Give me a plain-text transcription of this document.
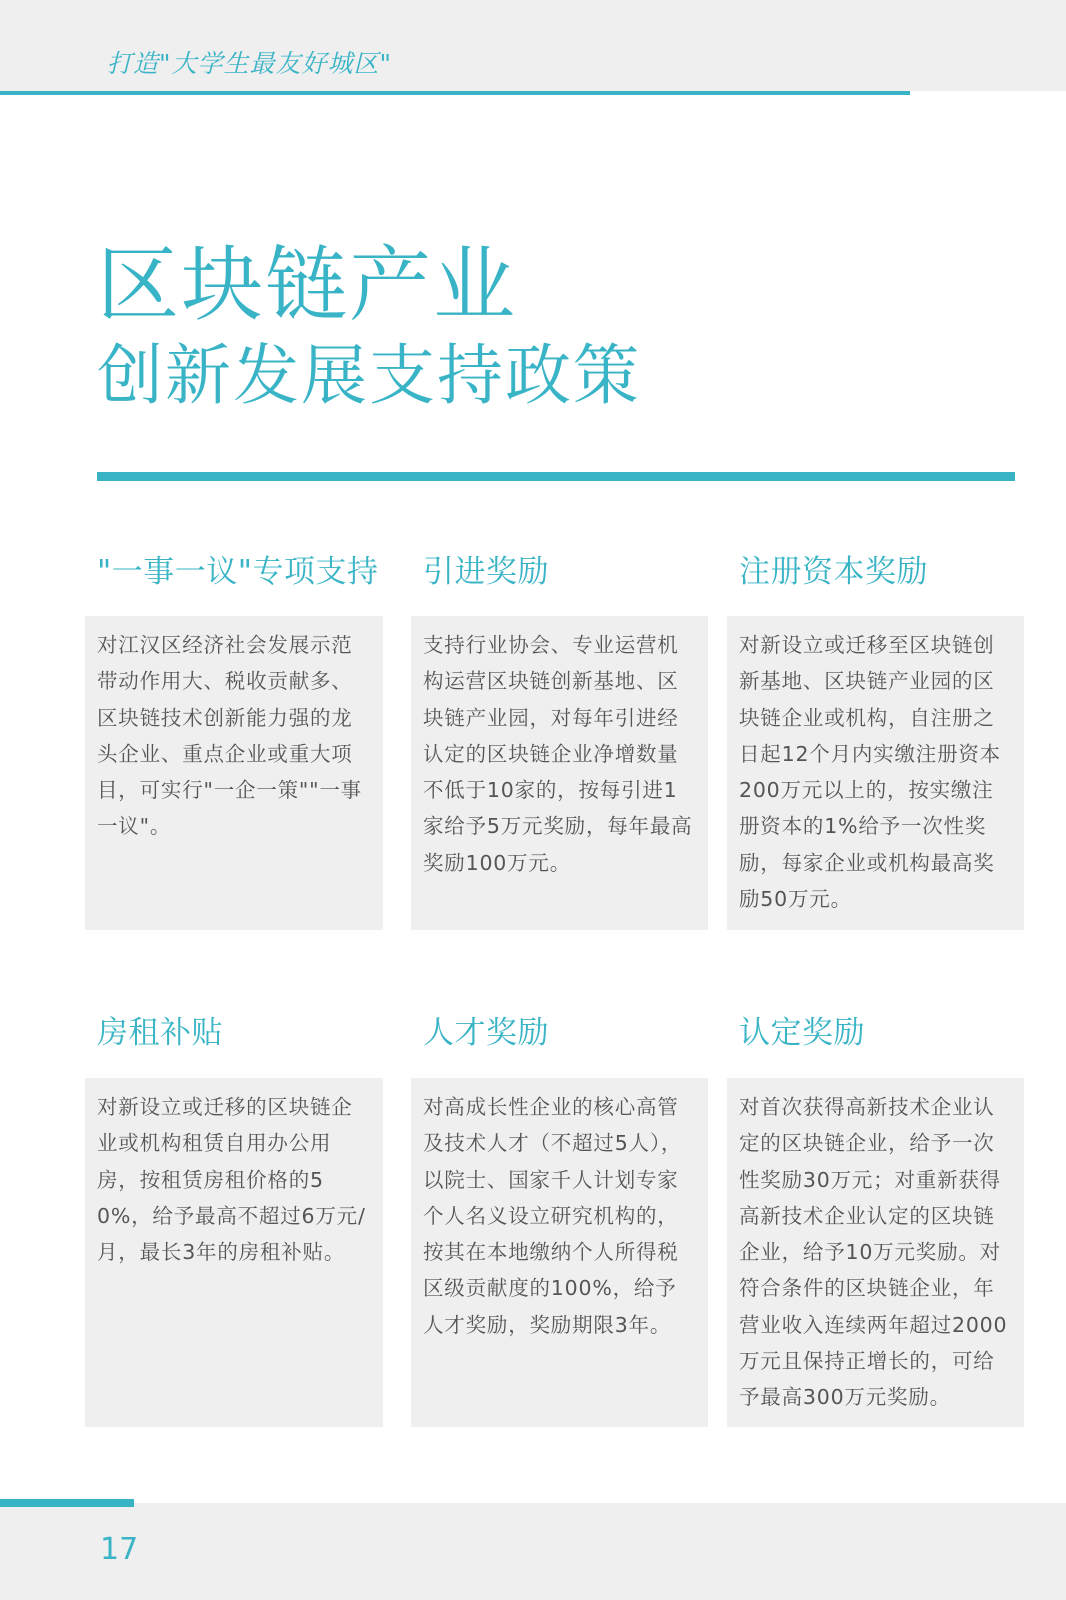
打造"大学生最友好城区"
区块链产业
创新发展支持政策
"一事一议"专项支持

对江汉区经济社会发展示范带动作用大、税收贡献多、区块链技术创新能力强的龙头企业、重点企业或重大项目，可实行"一企一策""一事一议"。

引进奖励

支持行业协会、专业运营机构运营区块链创新基地、区块链产业园，对每年引进经认定的区块链企业净增数量不低于10家的，按每引进1家给予5万元奖励，每年最高奖励100万元。

注册资本奖励

对新设立或迁移至区块链创新基地、区块链产业园的区块链企业或机构，自注册之日起12个月内实缴注册资本200万元以上的，按实缴注册资本的1%给予一次性奖励，每家企业或机构最高奖励50万元。

房租补贴

对新设立或迁移的区块链企业或机构租赁自用办公用房，按租赁房租价格的50%，给予最高不超过6万元/月，最长3年的房租补贴。

人才奖励

对高成长性企业的核心高管及技术人才（不超过5人），以院士、国家千人计划专家个人名义设立研究机构的，按其在本地缴纳个人所得税区级贡献度的100%，给予人才奖励，奖励期限3年。

认定奖励

对首次获得高新技术企业认定的区块链企业，给予一次性奖励30万元；对重新获得高新技术企业认定的区块链企业，给予10万元奖励。对符合条件的区块链企业，年营业收入连续两年超过2000万元且保持正增长的，可给予最高300万元奖励。

17
